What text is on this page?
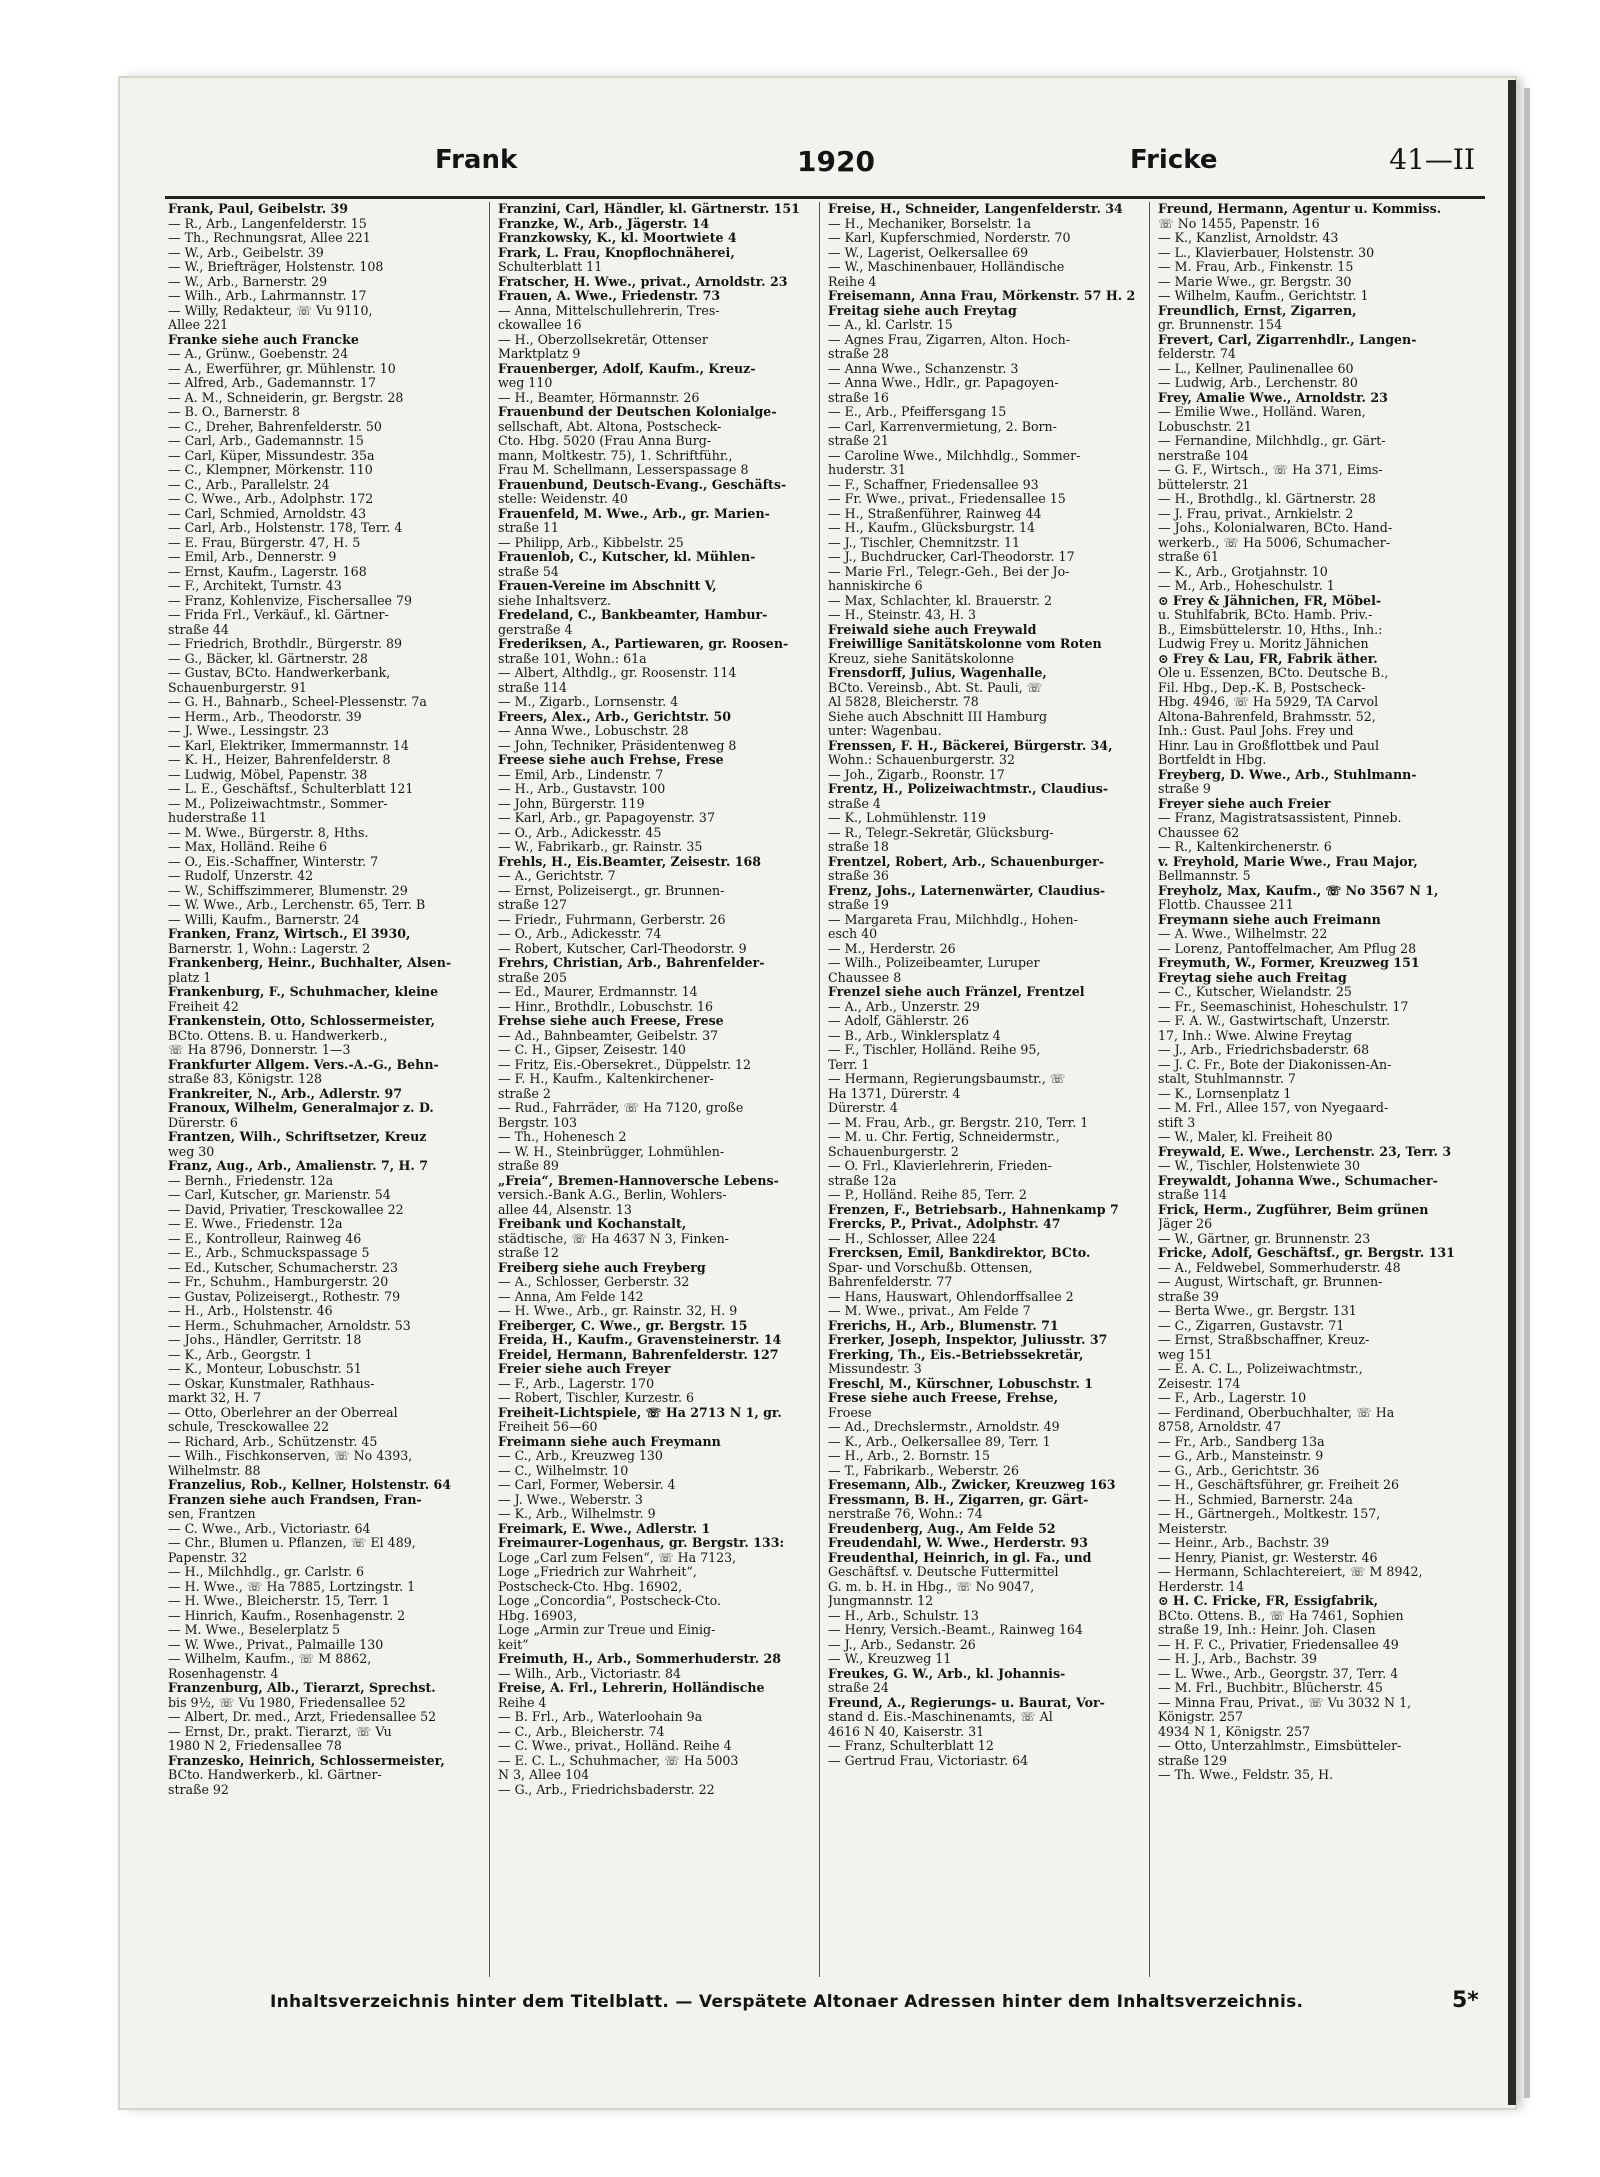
Frank	1920	Fricke	41—II
Frank, Paul, Geibelstr. 39
— R., Arb., Langenfelderstr. 15
— Th., Rechnungsrat, Allee 221
— W., Arb., Geibelstr. 39
— W., Briefträger, Holstenstr. 108
— W., Arb., Barnerstr. 29
— Wilh., Arb., Lahrmannstr. 17
— Willy, Redakteur, ☏ Vu 9110,
Allee 221
Franke siehe auch Francke
— A., Grünw., Goebenstr. 24
— A., Ewerführer, gr. Mühlenstr. 10
— Alfred, Arb., Gademannstr. 17
— A. M., Schneiderin, gr. Bergstr. 28
— B. O., Barnerstr. 8
— C., Dreher, Bahrenfelderstr. 50
— Carl, Arb., Gademannstr. 15
— Carl, Küper, Missundestr. 35a
— C., Klempner, Mörkenstr. 110
— C., Arb., Parallelstr. 24
— C. Wwe., Arb., Adolphstr. 172
— Carl, Schmied, Arnoldstr. 43
— Carl, Arb., Holstenstr. 178, Terr. 4
— E. Frau, Bürgerstr. 47, H. 5
— Emil, Arb., Dennerstr. 9
— Ernst, Kaufm., Lagerstr. 168
— F., Architekt, Turnstr. 43
— Franz, Kohlenvize, Fischersallee 79
— Frida Frl., Verkäuf., kl. Gärtner-
straße 44
— Friedrich, Brothdlr., Bürgerstr. 89
— G., Bäcker, kl. Gärtnerstr. 28
— Gustav, BCto. Handwerkerbank,
Schauenburgerstr. 91
— G. H., Bahnarb., Scheel-Plessenstr. 7a
— Herm., Arb., Theodorstr. 39
— J. Wwe., Lessingstr. 23
— Karl, Elektriker, Immermannstr. 14
— K. H., Heizer, Bahrenfelderstr. 8
— Ludwig, Möbel, Papenstr. 38
— L. E., Geschäftsf., Schulterblatt 121
— M., Polizeiwachtmstr., Sommer-
huderstraße 11
— M. Wwe., Bürgerstr. 8, Hths.
— Max, Holländ. Reihe 6
— O., Eis.-Schaffner, Winterstr. 7
— Rudolf, Unzerstr. 42
— W., Schiffszimmerer, Blumenstr. 29
— W. Wwe., Arb., Lerchenstr. 65, Terr. B
— Willi, Kaufm., Barnerstr. 24
Franken, Franz, Wirtsch., El 3930,
Barnerstr. 1, Wohn.: Lagerstr. 2
Frankenberg, Heinr., Buchhalter, Alsen-
platz 1
Frankenburg, F., Schuhmacher, kleine
Freiheit 42
Frankenstein, Otto, Schlossermeister,
BCto. Ottens. B. u. Handwerkerb.,
☏ Ha 8796, Donnerstr. 1—3
Frankfurter Allgem. Vers.-A.-G., Behn-
straße 83, Königstr. 128
Frankreiter, N., Arb., Adlerstr. 97
Franoux, Wilhelm, Generalmajor z. D.
Dürerstr. 6
Frantzen, Wilh., Schriftsetzer, Kreuz
weg 30
Franz, Aug., Arb., Amalienstr. 7, H. 7
— Bernh., Friedenstr. 12a
— Carl, Kutscher, gr. Marienstr. 54
— David, Privatier, Tresckowallee 22
— E. Wwe., Friedenstr. 12a
— E., Kontrolleur, Rainweg 46
— E., Arb., Schmuckspassage 5
— Ed., Kutscher, Schumacherstr. 23
— Fr., Schuhm., Hamburgerstr. 20
— Gustav, Polizeisergt., Rothestr. 79
— H., Arb., Holstenstr. 46
— Herm., Schuhmacher, Arnoldstr. 53
— Johs., Händler, Gerritstr. 18
— K., Arb., Georgstr. 1
— K., Monteur, Lobuschstr. 51
— Oskar, Kunstmaler, Rathhaus-
markt 32, H. 7
— Otto, Oberlehrer an der Oberreal
schule, Tresckowallee 22
— Richard, Arb., Schützenstr. 45
— Wilh., Fischkonserven, ☏ No 4393,
Wilhelmstr. 88
Franzelius, Rob., Kellner, Holstenstr. 64
Franzen siehe auch Frandsen, Fran-
sen, Frantzen
— C. Wwe., Arb., Victoriastr. 64
— Chr., Blumen u. Pflanzen, ☏ El 489,
Papenstr. 32
— H., Milchhdlg., gr. Carlstr. 6
— H. Wwe., ☏ Ha 7885, Lortzingstr. 1
— H. Wwe., Bleicherstr. 15, Terr. 1
— Hinrich, Kaufm., Rosenhagenstr. 2
— M. Wwe., Beselerplatz 5
— W. Wwe., Privat., Palmaille 130
— Wilhelm, Kaufm., ☏ M 8862,
Rosenhagenstr. 4
Franzenburg, Alb., Tierarzt, Sprechst.
bis 9½, ☏ Vu 1980, Friedensallee 52
— Albert, Dr. med., Arzt, Friedensallee 52
— Ernst, Dr., prakt. Tierarzt, ☏ Vu
1980 N 2, Friedensallee 78
Franzesko, Heinrich, Schlossermeister,
BCto. Handwerkerb., kl. Gärtner-
straße 92
Franzini, Carl, Händler, kl. Gärtnerstr. 151
Franzke, W., Arb., Jägerstr. 14
Franzkowsky, K., kl. Moortwiete 4
Frark, L. Frau, Knopflochnäherei,
Schulterblatt 11
Fratscher, H. Wwe., privat., Arnoldstr. 23
Frauen, A. Wwe., Friedenstr. 73
— Anna, Mittelschullehrerin, Tres-
ckowallee 16
— H., Oberzollsekretär, Ottenser
Marktplatz 9
Frauenberger, Adolf, Kaufm., Kreuz-
weg 110
— H., Beamter, Hörmannstr. 26
Frauenbund der Deutschen Kolonialge-
sellschaft, Abt. Altona, Postscheck-
Cto. Hbg. 5020 (Frau Anna Burg-
mann, Moltkestr. 75), 1. Schriftführ.,
Frau M. Schellmann, Lesserspassage 8
Frauenbund, Deutsch-Evang., Geschäfts-
stelle: Weidenstr. 40
Frauenfeld, M. Wwe., Arb., gr. Marien-
straße 11
— Philipp, Arb., Kibbelstr. 25
Frauenlob, C., Kutscher, kl. Mühlen-
straße 54
Frauen-Vereine im Abschnitt V,
siehe Inhaltsverz.
Fredeland, C., Bankbeamter, Hambur-
gerstraße 4
Frederiksen, A., Partiewaren, gr. Roosen-
straße 101, Wohn.: 61a
— Albert, Althdlg., gr. Roosenstr. 114
straße 114
— M., Zigarb., Lornsenstr. 4
Freers, Alex., Arb., Gerichtstr. 50
— Anna Wwe., Lobuschstr. 28
— John, Techniker, Präsidentenweg 8
Freese siehe auch Frehse, Frese
— Emil, Arb., Lindenstr. 7
— H., Arb., Gustavstr. 100
— John, Bürgerstr. 119
— Karl, Arb., gr. Papagoyenstr. 37
— O., Arb., Adickesstr. 45
— W., Fabrikarb., gr. Rainstr. 35
Frehls, H., Eis.Beamter, Zeisestr. 168
— A., Gerichtstr. 7
— Ernst, Polizeisergt., gr. Brunnen-
straße 127
— Friedr., Fuhrmann, Gerberstr. 26
— O., Arb., Adickesstr. 74
— Robert, Kutscher, Carl-Theodorstr. 9
Frehrs, Christian, Arb., Bahrenfelder-
straße 205
— Ed., Maurer, Erdmannstr. 14
— Hinr., Brothdlr., Lobuschstr. 16
Frehse siehe auch Freese, Frese
— Ad., Bahnbeamter, Geibelstr. 37
— C. H., Gipser, Zeisestr. 140
— Fritz, Eis.-Obersekret., Düppelstr. 12
— F. H., Kaufm., Kaltenkirchener-
straße 2
— Rud., Fahrräder, ☏ Ha 7120, große
Bergstr. 103
— Th., Hohenesch 2
— W. H., Steinbrügger, Lohmühlen-
straße 89
„Freia“, Bremen-Hannoversche Lebens-
versich.-Bank A.G., Berlin, Wohlers-
allee 44, Alsenstr. 13
Freibank und Kochanstalt,
städtische, ☏ Ha 4637 N 3, Finken-
straße 12
Freiberg siehe auch Freyberg
— A., Schlosser, Gerberstr. 32
— Anna, Am Felde 142
— H. Wwe., Arb., gr. Rainstr. 32, H. 9
Freiberger, C. Wwe., gr. Bergstr. 15
Freida, H., Kaufm., Gravensteinerstr. 14
Freidel, Hermann, Bahrenfelderstr. 127
Freier siehe auch Freyer
— F., Arb., Lagerstr. 170
— Robert, Tischler, Kurzestr. 6
Freiheit-Lichtspiele, ☏ Ha 2713 N 1, gr.
Freiheit 56—60
Freimann siehe auch Freymann
— C., Arb., Kreuzweg 130
— C., Wilhelmstr. 10
— Carl, Former, Webersir. 4
— J. Wwe., Weberstr. 3
— K., Arb., Wilhelmstr. 9
Freimark, E. Wwe., Adlerstr. 1
Freimaurer-Logenhaus, gr. Bergstr. 133:
Loge „Carl zum Felsen“, ☏ Ha 7123,
Loge „Friedrich zur Wahrheit“,
Postscheck-Cto. Hbg. 16902,
Loge „Concordia“, Postscheck-Cto.
Hbg. 16903,
Loge „Armin zur Treue und Einig-
keit“
Freimuth, H., Arb., Sommerhuderstr. 28
— Wilh., Arb., Victoriastr. 84
Freise, A. Frl., Lehrerin, Holländische
Reihe 4
— B. Frl., Arb., Waterloohain 9a
— C., Arb., Bleicherstr. 74
— C. Wwe., privat., Holländ. Reihe 4
— E. C. L., Schuhmacher, ☏ Ha 5003
N 3, Allee 104
— G., Arb., Friedrichsbaderstr. 22
Freise, H., Schneider, Langenfelderstr. 34
— H., Mechaniker, Borselstr. 1a
— Karl, Kupferschmied, Norderstr. 70
— W., Lagerist, Oelkersallee 69
— W., Maschinenbauer, Holländische
Reihe 4
Freisemann, Anna Frau, Mörkenstr. 57 H. 2
Freitag siehe auch Freytag
— A., kl. Carlstr. 15
— Agnes Frau, Zigarren, Alton. Hoch-
straße 28
— Anna Wwe., Schanzenstr. 3
— Anna Wwe., Hdlr., gr. Papagoyen-
straße 16
— E., Arb., Pfeiffersgang 15
— Carl, Karrenvermietung, 2. Born-
straße 21
— Caroline Wwe., Milchhdlg., Sommer-
huderstr. 31
— F., Schaffner, Friedensallee 93
— Fr. Wwe., privat., Friedensallee 15
— H., Straßenführer, Rainweg 44
— H., Kaufm., Glücksburgstr. 14
— J., Tischler, Chemnitzstr. 11
— J., Buchdrucker, Carl-Theodorstr. 17
— Marie Frl., Telegr.-Geh., Bei der Jo-
hanniskirche 6
— Max, Schlachter, kl. Brauerstr. 2
— H., Steinstr. 43, H. 3
Freiwald siehe auch Freywald
Freiwillige Sanitätskolonne vom Roten
Kreuz, siehe Sanitätskolonne
Frensdorff, Julius, Wagenhalle,
BCto. Vereinsb., Abt. St. Pauli, ☏
Al 5828, Bleicherstr. 78
Siehe auch Abschnitt III Hamburg
unter: Wagenbau.
Frenssen, F. H., Bäckerei, Bürgerstr. 34,
Wohn.: Schauenburgerstr. 32
— Joh., Zigarb., Roonstr. 17
Frentz, H., Polizeiwachtmstr., Claudius-
straße 4
— K., Lohmühlenstr. 119
— R., Telegr.-Sekretär, Glücksburg-
straße 18
Frentzel, Robert, Arb., Schauenburger-
straße 36
Frenz, Johs., Laternenwärter, Claudius-
straße 19
— Margareta Frau, Milchhdlg., Hohen-
esch 40
— M., Herderstr. 26
— Wilh., Polizeibeamter, Luruper
Chaussee 8
Frenzel siehe auch Fränzel, Frentzel
— A., Arb., Unzerstr. 29
— Adolf, Gählerstr. 26
— B., Arb., Winklersplatz 4
— F., Tischler, Holländ. Reihe 95,
Terr. 1
— Hermann, Regierungsbaumstr., ☏
Ha 1371, Dürerstr. 4
Dürerstr. 4
— M. Frau, Arb., gr. Bergstr. 210, Terr. 1
— M. u. Chr. Fertig, Schneidermstr.,
Schauenburgerstr. 2
— O. Frl., Klavierlehrerin, Frieden-
straße 12a
— P., Holländ. Reihe 85, Terr. 2
Frenzen, F., Betriebsarb., Hahnenkamp 7
Frercks, P., Privat., Adolphstr. 47
— H., Schlosser, Allee 224
Frercksen, Emil, Bankdirektor, BCto.
Spar- und Vorschußb. Ottensen,
Bahrenfelderstr. 77
— Hans, Hauswart, Ohlendorffsallee 2
— M. Wwe., privat., Am Felde 7
Frerichs, H., Arb., Blumenstr. 71
Frerker, Joseph, Inspektor, Juliusstr. 37
Frerking, Th., Eis.-Betriebssekretär,
Missundestr. 3
Freschl, M., Kürschner, Lobuschstr. 1
Frese siehe auch Freese, Frehse,
Froese
— Ad., Drechslermstr., Arnoldstr. 49
— K., Arb., Oelkersallee 89, Terr. 1
— H., Arb., 2. Bornstr. 15
— T., Fabrikarb., Weberstr. 26
Fresemann, Alb., Zwicker, Kreuzweg 163
Fressmann, B. H., Zigarren, gr. Gärt-
nerstraße 76, Wohn.: 74
Freudenberg, Aug., Am Felde 52
Freudendahl, W. Wwe., Herderstr. 93
Freudenthal, Heinrich, in gl. Fa., und
Geschäftsf. v. Deutsche Futtermittel
G. m. b. H. in Hbg., ☏ No 9047,
Jungmannstr. 12
— H., Arb., Schulstr. 13
— Henry, Versich.-Beamt., Rainweg 164
— J., Arb., Sedanstr. 26
— W., Kreuzweg 11
Freukes, G. W., Arb., kl. Johannis-
straße 24
Freund, A., Regierungs- u. Baurat, Vor-
stand d. Eis.-Maschinenamts, ☏ Al
4616 N 40, Kaiserstr. 31
— Franz, Schulterblatt 12
— Gertrud Frau, Victoriastr. 64
Freund, Hermann, Agentur u. Kommiss.
☏ No 1455, Papenstr. 16
— K., Kanzlist, Arnoldstr. 43
— L., Klavierbauer, Holstenstr. 30
— M. Frau, Arb., Finkenstr. 15
— Marie Wwe., gr. Bergstr. 30
— Wilhelm, Kaufm., Gerichtstr. 1
Freundlich, Ernst, Zigarren,
gr. Brunnenstr. 154
Frevert, Carl, Zigarrenhdlr., Langen-
felderstr. 74
— L., Kellner, Paulinenallee 60
— Ludwig, Arb., Lerchenstr. 80
Frey, Amalie Wwe., Arnoldstr. 23
— Emilie Wwe., Holländ. Waren,
Lobuschstr. 21
— Fernandine, Milchhdlg., gr. Gärt-
nerstraße 104
— G. F., Wirtsch., ☏ Ha 371, Eims-
büttelerstr. 21
— H., Brothdlg., kl. Gärtnerstr. 28
— J. Frau, privat., Arnkielstr. 2
— Johs., Kolonialwaren, BCto. Hand-
werkerb., ☏ Ha 5006, Schumacher-
straße 61
— K., Arb., Grotjahnstr. 10
— M., Arb., Hoheschulstr. 1
⊙ Frey & Jähnichen, FR, Möbel-
u. Stuhlfabrik, BCto. Hamb. Priv.-
B., Eimsbüttelerstr. 10, Hths., Inh.:
Ludwig Frey u. Moritz Jähnichen
⊙ Frey & Lau, FR, Fabrik äther.
Öle u. Essenzen, BCto. Deutsche B.,
Fil. Hbg., Dep.-K. B, Postscheck-
Hbg. 4946, ☏ Ha 5929, TA Carvol
Altona-Bahrenfeld, Brahmsstr. 52,
Inh.: Gust. Paul Johs. Frey und
Hinr. Lau in Großflottbek und Paul
Bortfeldt in Hbg.
Freyberg, D. Wwe., Arb., Stuhlmann-
straße 9
Freyer siehe auch Freier
— Franz, Magistratsassistent, Pinneb.
Chaussee 62
— R., Kaltenkirchenerstr. 6
v. Freyhold, Marie Wwe., Frau Major,
Bellmannstr. 5
Freyholz, Max, Kaufm., ☏ No 3567 N 1,
Flottb. Chaussee 211
Freymann siehe auch Freimann
— A. Wwe., Wilhelmstr. 22
— Lorenz, Pantoffelmacher, Am Pflug 28
Freymuth, W., Former, Kreuzweg 151
Freytag siehe auch Freitag
— C., Kutscher, Wielandstr. 25
— Fr., Seemaschinist, Hoheschulstr. 17
— F. A. W., Gastwirtschaft, Unzerstr.
17, Inh.: Wwe. Alwine Freytag
— J., Arb., Friedrichsbaderstr. 68
— J. C. Fr., Bote der Diakonissen-An-
stalt, Stuhlmannstr. 7
— K., Lornsenplatz 1
— M. Frl., Allee 157, von Nyegaard-
stift 3
— W., Maler, kl. Freiheit 80
Freywald, E. Wwe., Lerchenstr. 23, Terr. 3
— W., Tischler, Holstenwiete 30
Freywaldt, Johanna Wwe., Schumacher-
straße 114
Frick, Herm., Zugführer, Beim grünen
Jäger 26
— W., Gärtner, gr. Brunnenstr. 23
Fricke, Adolf, Geschäftsf., gr. Bergstr. 131
— A., Feldwebel, Sommerhuderstr. 48
— August, Wirtschaft, gr. Brunnen-
straße 39
— Berta Wwe., gr. Bergstr. 131
— C., Zigarren, Gustavstr. 71
— Ernst, Straßbschaffner, Kreuz-
weg 151
— E. A. C. L., Polizeiwachtmstr.,
Zeisestr. 174
— F., Arb., Lagerstr. 10
— Ferdinand, Oberbuchhalter, ☏ Ha
8758, Arnoldstr. 47
— Fr., Arb., Sandberg 13a
— G., Arb., Mansteinstr. 9
— G., Arb., Gerichtstr. 36
— H., Geschäftsführer, gr. Freiheit 26
— H., Schmied, Barnerstr. 24a
— H., Gärtnergeh., Moltkestr. 157,
Meisterstr.
— Heinr., Arb., Bachstr. 39
— Henry, Pianist, gr. Westerstr. 46
— Hermann, Schlachtereiert, ☏ M 8942,
Herderstr. 14
⊙ H. C. Fricke, FR, Essigfabrik,
BCto. Ottens. B., ☏ Ha 7461, Sophien
straße 19, Inh.: Heinr. Joh. Clasen
— H. F. C., Privatier, Friedensallee 49
— H. J., Arb., Bachstr. 39
— L. Wwe., Arb., Georgstr. 37, Terr. 4
— M. Frl., Buchbitr., Blücherstr. 45
— Minna Frau, Privat., ☏ Vu 3032 N 1,
Königstr. 257
4934 N 1, Königstr. 257
— Otto, Unterzahlmstr., Eimsbütteler-
straße 129
— Th. Wwe., Feldstr. 35, H.
Inhaltsverzeichnis hinter dem Titelblatt. — Verspätete Altonaer Adressen hinter dem Inhaltsverzeichnis.	5*
